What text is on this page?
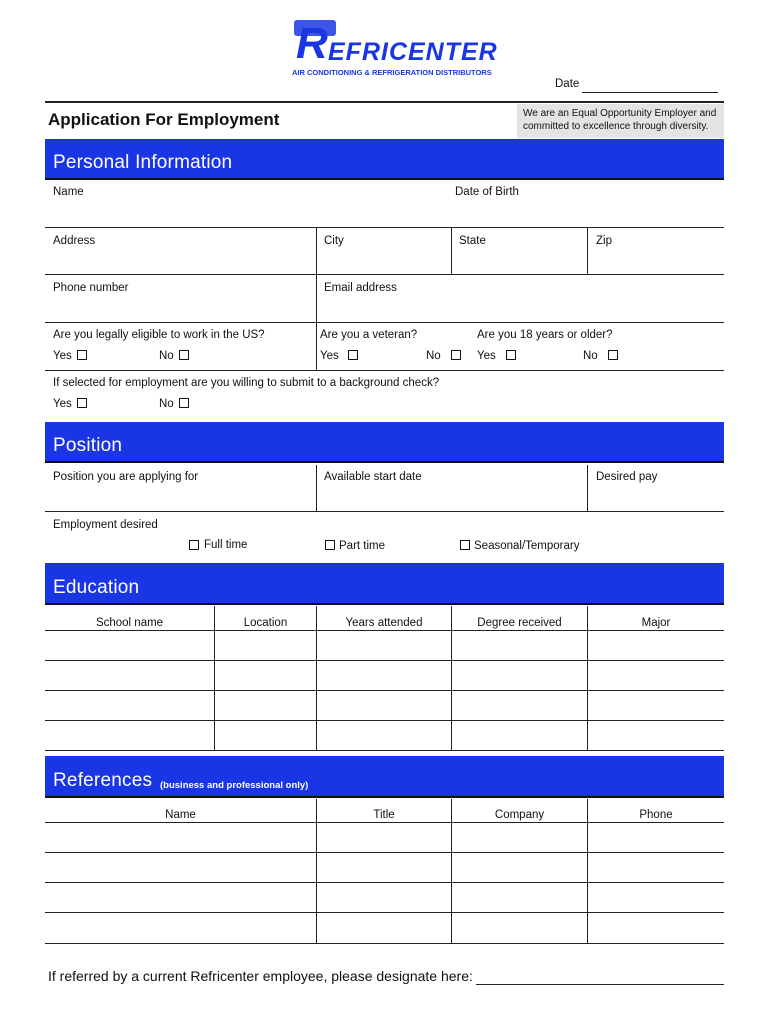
R EFRICENTER
AIR CONDITIONING & REFRIGERATION DISTRIBUTORS
Date
Application For Employment	We are an Equal Opportunity Employer and
committed to excellence through diversity.
Personal Information
Name	Date of Birth
Address	City	State	Zip
Phone number	Email address
Are you legally eligible to work in the US?	Are you a veteran?	Are you 18 years or older?
Yes	No	Yes	No	Yes	No
If selected for employment are you willing to submit to a background check?
Yes	No
Position
Position you are applying for	Available start date	Desired pay
Employment desired
Full time	Part time	Seasonal/Temporary
Education
School name	Location	Years attended	Degree received	Major
References (business and professional only)
Name	Title	Company	Phone
If referred by a current Refricenter employee, please designate here:
